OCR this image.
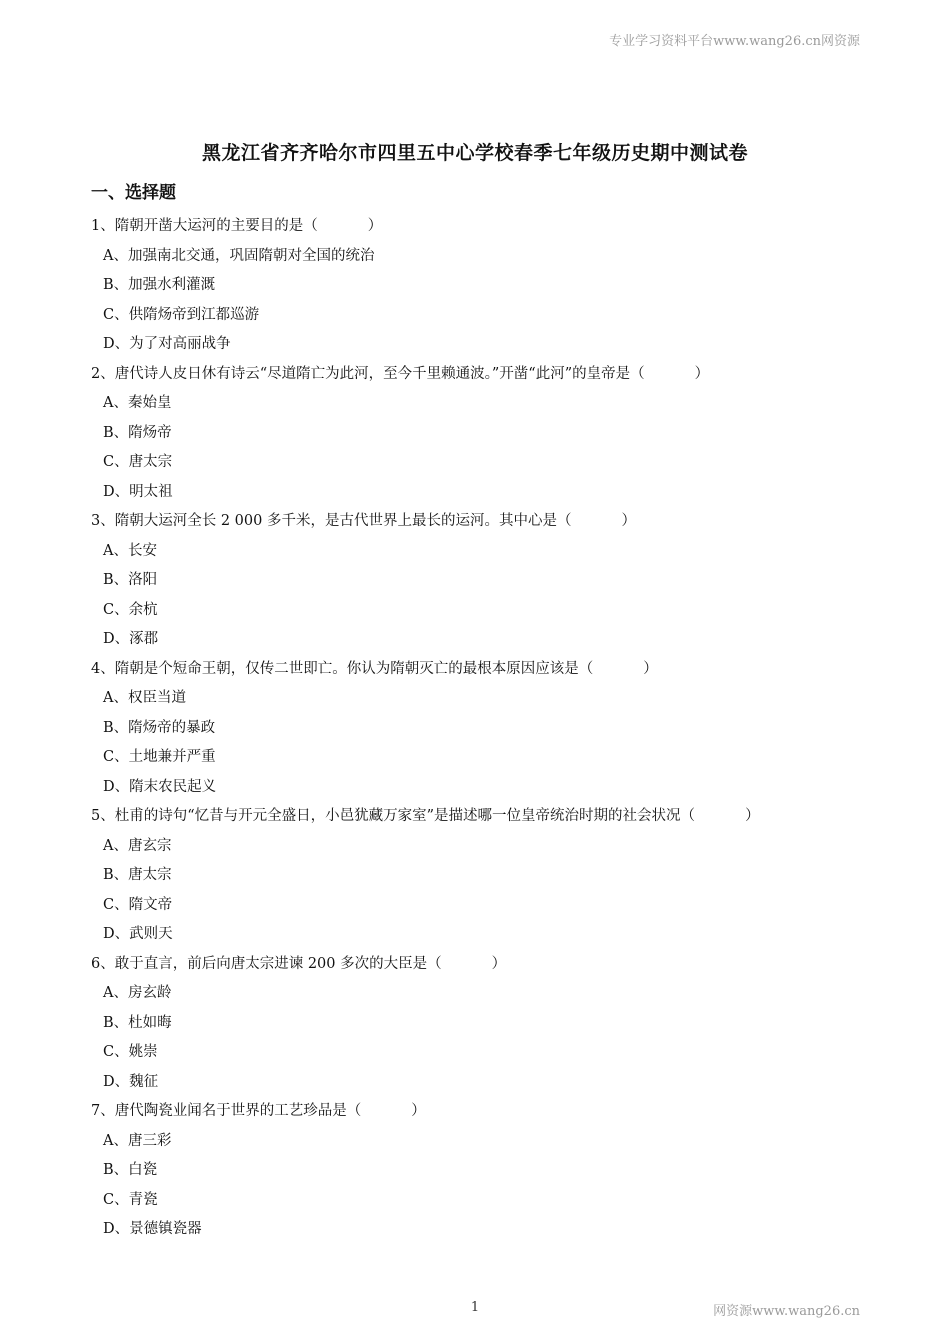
专业学习资料平台www.wang26.cn网资源
黑龙江省齐齐哈尔市四里五中心学校春季七年级历史期中测试卷
一、选择题
1、隋朝开凿大运河的主要目的是（	）
A、加强南北交通，巩固隋朝对全国的统治
B、加强水利灌溉
C、供隋炀帝到江都巡游
D、为了对高丽战争
2、唐代诗人皮日休有诗云“尽道隋亡为此河，至今千里赖通波。”开凿“此河”的皇帝是（	）
A、秦始皇
B、隋炀帝
C、唐太宗
D、明太祖
3、隋朝大运河全长 2 000 多千米，是古代世界上最长的运河。其中心是（	）
A、长安
B、洛阳
C、余杭
D、涿郡
4、隋朝是个短命王朝，仅传二世即亡。你认为隋朝灭亡的最根本原因应该是（	）
A、权臣当道
B、隋炀帝的暴政
C、土地兼并严重
D、隋末农民起义
5、杜甫的诗句“忆昔与开元全盛日，小邑犹藏万家室”是描述哪一位皇帝统治时期的社会状况（	）
A、唐玄宗
B、唐太宗
C、隋文帝
D、武则天
6、敢于直言，前后向唐太宗进谏 200 多次的大臣是（	）
A、房玄龄
B、杜如晦
C、姚崇
D、魏征
7、唐代陶瓷业闻名于世界的工艺珍品是（	）
A、唐三彩
B、白瓷
C、青瓷
D、景德镇瓷器
1	网资源www.wang26.cn
